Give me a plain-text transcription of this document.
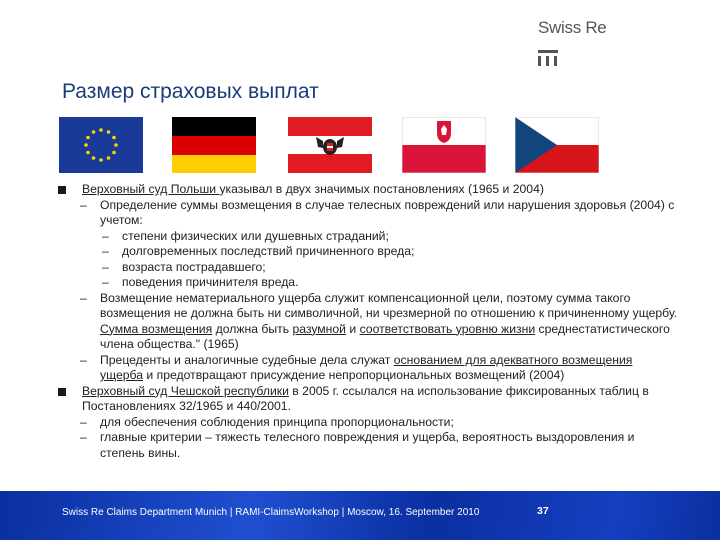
Swiss Re
Размер страховых выплат
Верховный суд Польши указывал в двух значимых постановлениях (1965 и 2004)
– Определение суммы возмещения в случае телесных повреждений или нарушения здоровья (2004) с учетом:
– степени физических или душевных страданий;
– долговременных последствий причиненного вреда;
– возраста пострадавшего;
– поведения причинителя вреда.
– Возмещение нематериального ущерба служит компенсационной цели, поэтому сумма такого возмещения не должна быть ни символичной, ни чрезмерной по отношению к причиненному ущербу. Сумма возмещения должна быть разумной и соответствовать уровню жизни среднестатистического члена общества." (1965)
– Прецеденты и аналогичные судебные дела служат основанием для адекватного возмещения ущерба и предотвращают присуждение непропорциональных возмещений (2004)
Верховный суд Чешской республики в 2005 г. ссылался на использование фиксированных таблиц в Постановлениях 32/1965 и 440/2001.
– для обеспечения соблюдения принципа пропорциональности;
– главные критерии – тяжесть телесного повреждения и ущерба, вероятность выздоровления и степень вины.
Swiss Re Claims Department Munich | RAMI-ClaimsWorkshop | Moscow, 16. September 2010	37
